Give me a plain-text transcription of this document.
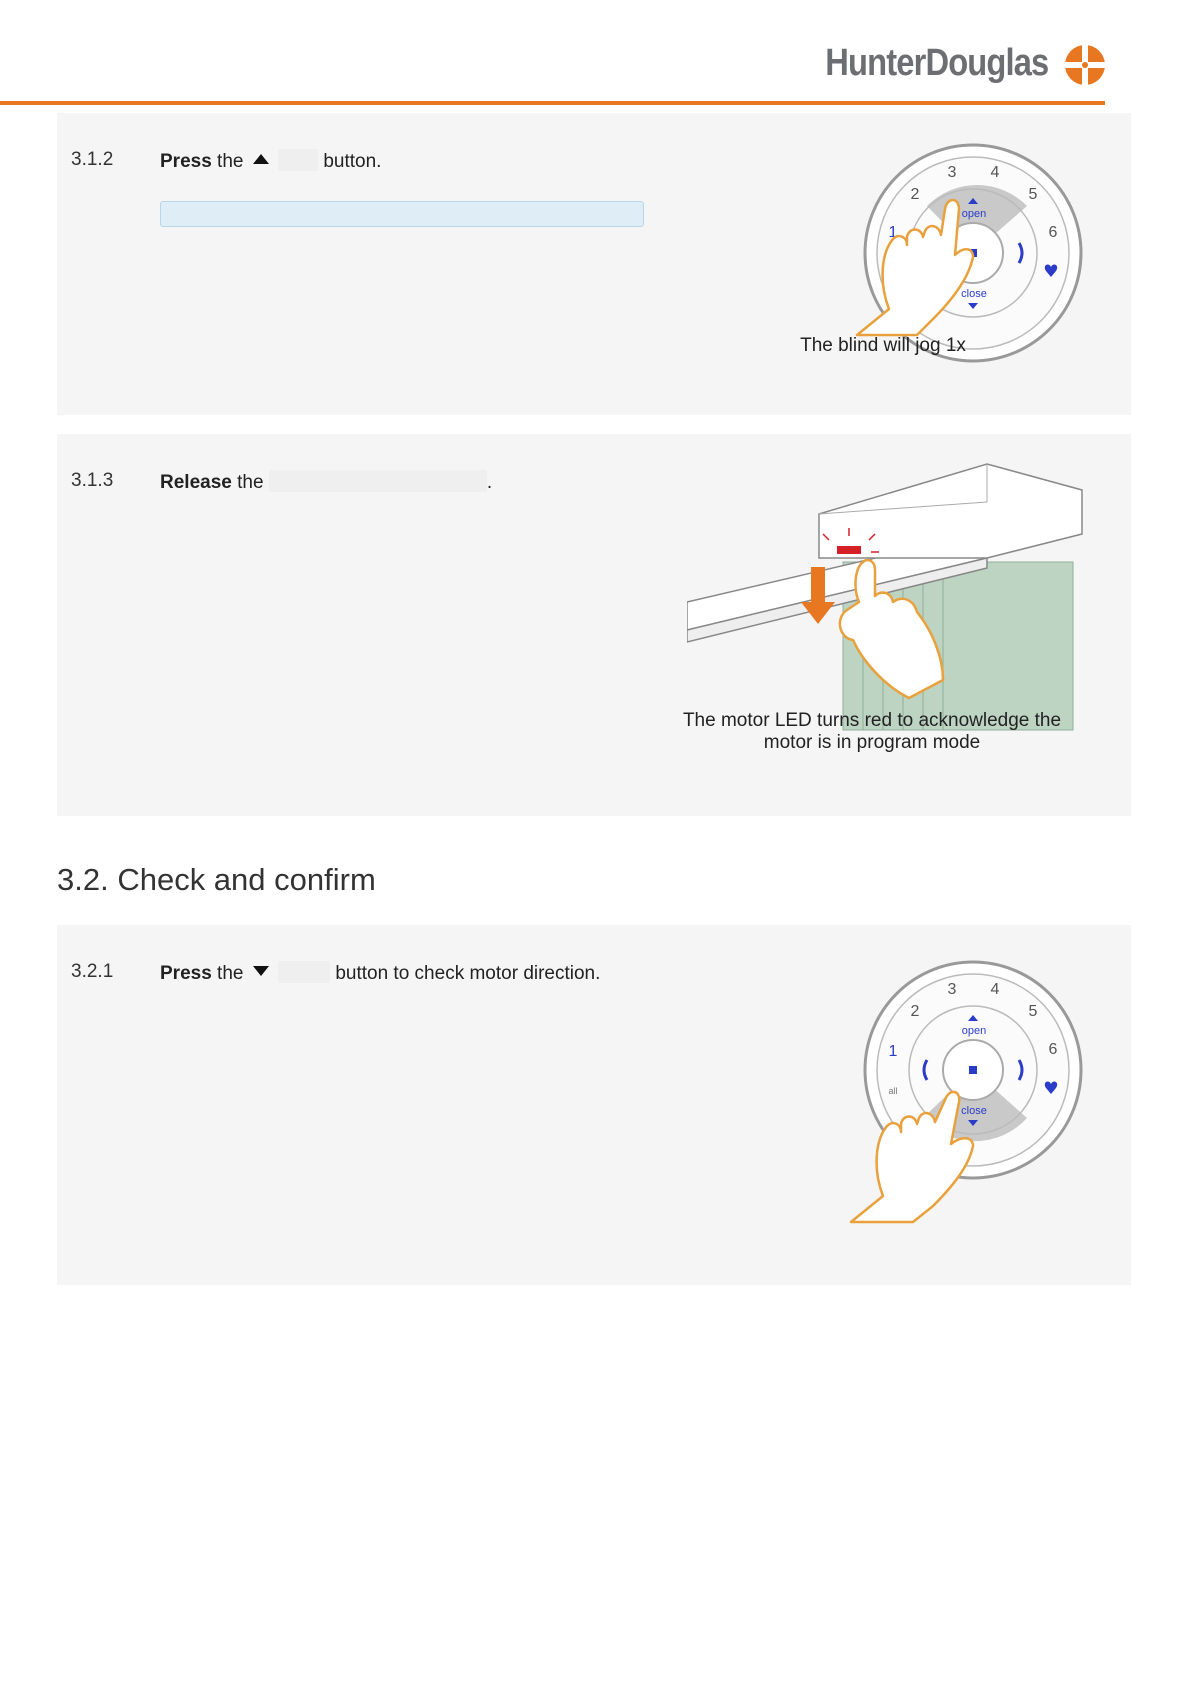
HunterDouglas
3.1.2 Press the	button.
3 4
2	5
6
1
open
close
The blind will jog 1x
3.1.3 Release the	.
The motor LED turns red to acknowledge the
motor is in program mode
3.2. Check and confirm
3.2.1 Press the	button to check motor direction.
3 4
2	5
6
1
all
open
close
